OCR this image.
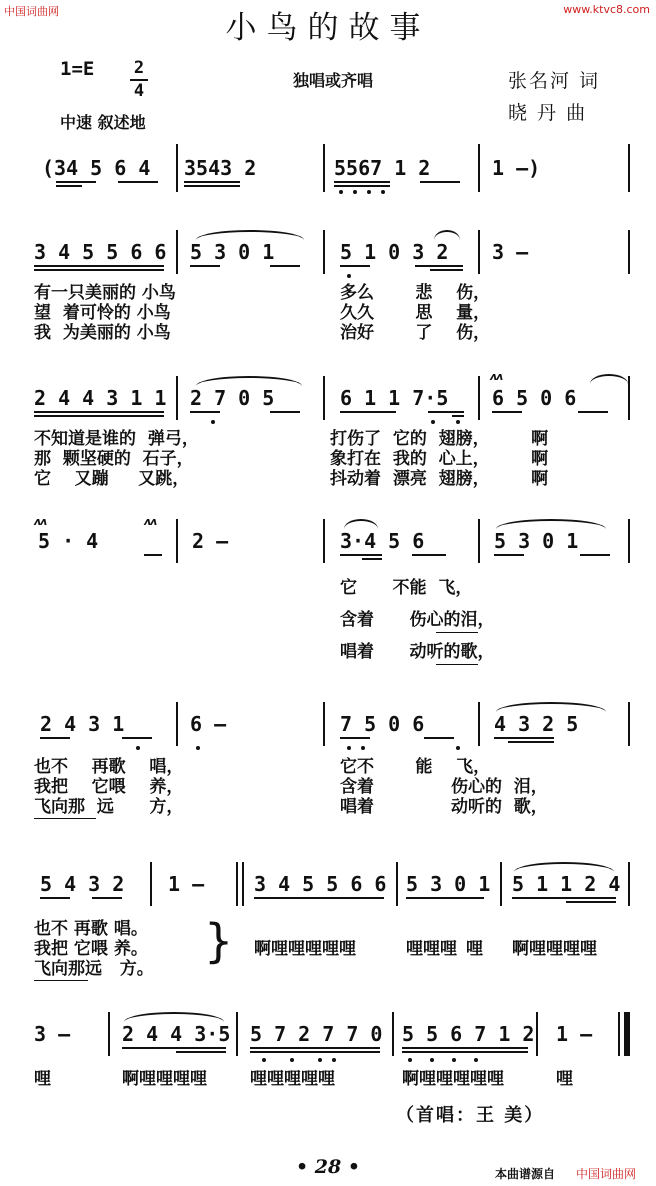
中国词曲网	www.ktvc8.com
小鸟的故事
1=E 2
4
独唱或齐唱	张名河 词
晓 丹 曲
中速 叙述地
(34 5 6 4 3543 2	5567 1 2	1 —)
3 4 5 5 6 6 5 3 0 1	5 1 0 3 2 3 —
有一只美丽的 小鸟
望  着可怜的 小鸟
我  为美丽的 小鸟
多么       悲    伤，
久久       思    量，
治好       了    伤，
2 4 4 3 1 1 2 7 0 5	6 1 1 7·5 6 5 0 6
ʌʌ
不知道是谁的  弹弓，
那  颗坚硬的  石子，
它    又蹦     又跳，
打伤了  它的  翅膀，       啊
象打在  我的  心上，       啊
抖动着  漂亮  翅膀，       啊
ʌʌ	ʌʌ
5 · 4	2 —	3·4 5 6	5 3 0 1
它      不能  飞，
含着      伤心的泪，
唱着      动听的歌，
2 4 3 1	6 —	7 5 0 6	4 3 2 5
也不    再歌    唱，
我把    它喂    养，
飞向那  远      方，
它不       能    飞，
含着             伤心的  泪，
唱着             动听的  歌，
5 4 3 2 1 — 3 4 5 5 6 6 5 3 0 1 5 1 1 2 4
也不 再歌 唱。
我把 它喂 养。
飞向那远   方。
} 啊哩哩哩哩哩	哩哩哩 哩 啊哩哩哩哩
3 —	2 4 4 3·5 5 7 2 7 7 0 5 5 6 7 1 2 1 —
哩	啊哩哩哩哩	哩哩哩哩哩	啊哩哩哩哩哩	哩
（首唱：王 美）
• 28 •	本曲谱源自 中国词曲网
